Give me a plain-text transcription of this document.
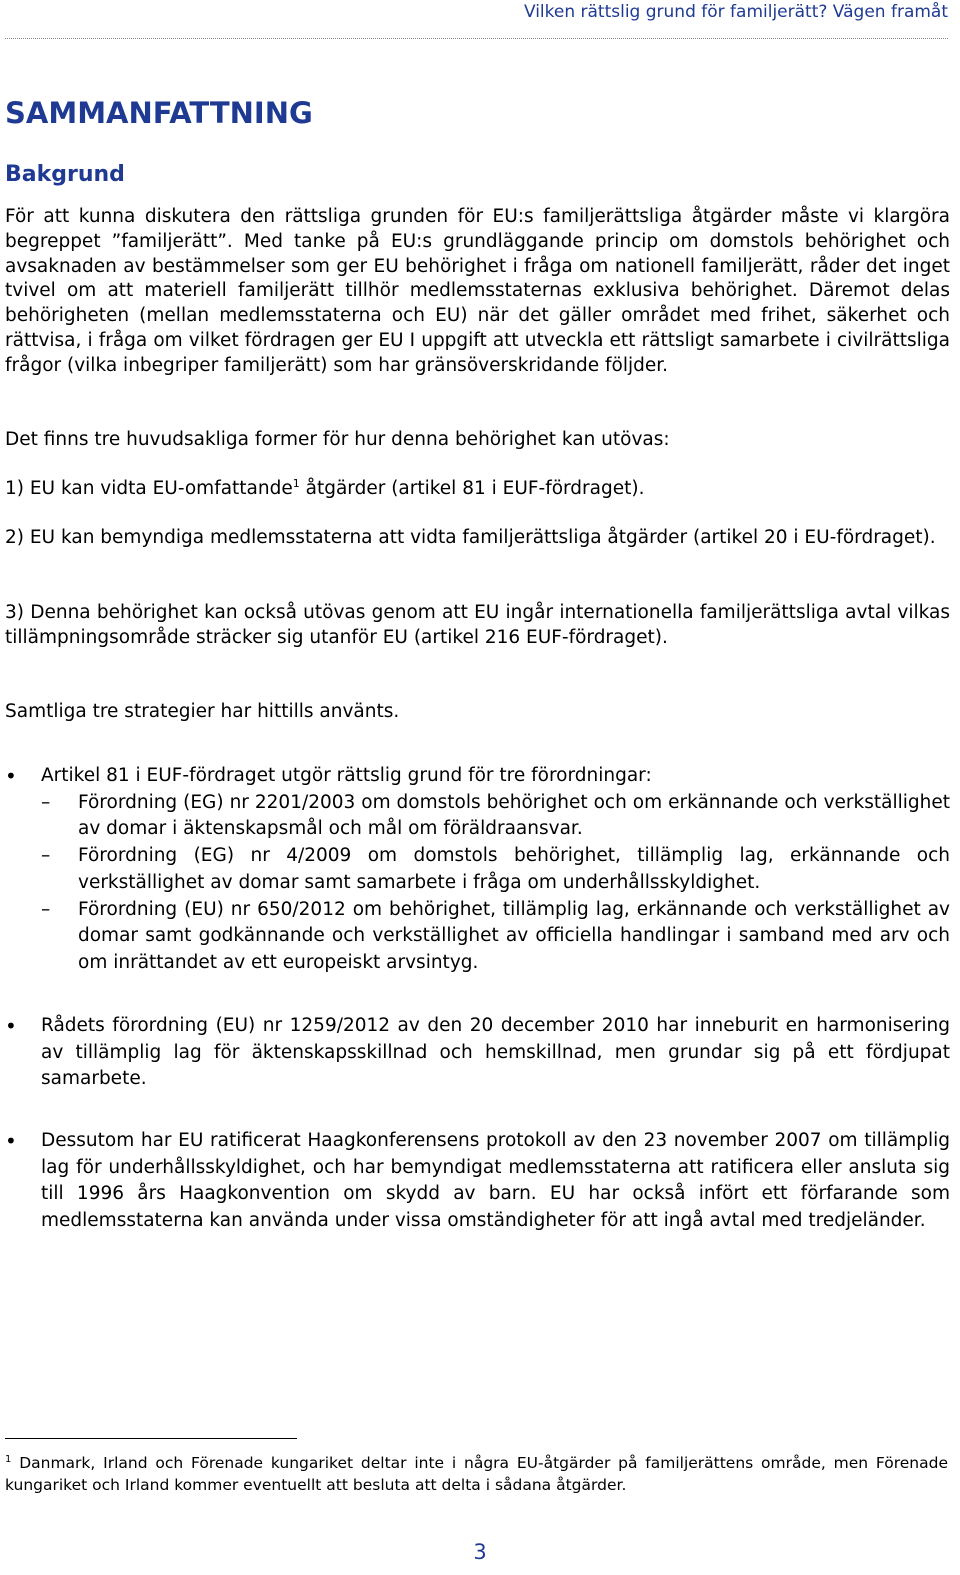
Vilken rättslig grund för familjerätt? Vägen framåt
SAMMANFATTNING
Bakgrund

För att kunna diskutera den rättsliga grunden för EU:s familjerättsliga åtgärder måste vi klargöra begreppet ”familjerätt”. Med tanke på EU:s grundläggande princip om domstols behörighet och avsaknaden av bestämmelser som ger EU behörighet i fråga om nationell familjerätt, råder det inget tvivel om att materiell familjerätt tillhör medlemsstaternas exklusiva behörighet. Däremot delas behörigheten (mellan medlemsstaterna och EU) när det gäller området med frihet, säkerhet och rättvisa, i fråga om vilket fördragen ger EU I uppgift att utveckla ett rättsligt samarbete i civilrättsliga frågor (vilka inbegriper familjerätt) som har gränsöverskridande följder.

Det finns tre huvudsakliga former för hur denna behörighet kan utövas:

1) EU kan vidta EU-omfattande$^1$ åtgärder (artikel 81 i EUF-fördraget).

2) EU kan bemyndiga medlemsstaterna att vidta familjerättsliga åtgärder (artikel 20 i EU-fördraget).

3) Denna behörighet kan också utövas genom att EU ingår internationella familjerättsliga avtal vilkas tillämpningsområde sträcker sig utanför EU (artikel 216 EUF-fördraget).

Samtliga tre strategier har hittills använts.

• Artikel 81 i EUF-fördraget utgör rättslig grund för tre förordningar:
– Förordning (EG) nr 2201/2003 om domstols behörighet och om erkännande och verkställighet av domar i äktenskapsmål och mål om föräldraansvar.
– Förordning (EG) nr 4/2009 om domstols behörighet, tillämplig lag, erkännande och verkställighet av domar samt samarbete i fråga om underhållsskyldighet.
– Förordning (EU) nr 650/2012 om behörighet, tillämplig lag, erkännande och verkställighet av domar samt godkännande och verkställighet av officiella handlingar i samband med arv och om inrättandet av ett europeiskt arvsintyg.
• Rådets förordning (EU) nr 1259/2012 av den 20 december 2010 har inneburit en harmonisering av tillämplig lag för äktenskapsskillnad och hemskillnad, men grundar sig på ett fördjupat samarbete.
• Dessutom har EU ratificerat Haagkonferensens protokoll av den 23 november 2007 om tillämplig lag för underhållsskyldighet, och har bemyndigat medlemsstaterna att ratificera eller ansluta sig till 1996 års Haagkonvention om skydd av barn. EU har också infört ett förfarande som medlemsstaterna kan använda under vissa omständigheter för att ingå avtal med tredjeländer.
$^1$ Danmark, Irland och Förenade kungariket deltar inte i några EU-åtgärder på familjerättens område, men Förenade kungariket och Irland kommer eventuellt att besluta att delta i sådana åtgärder.
3
